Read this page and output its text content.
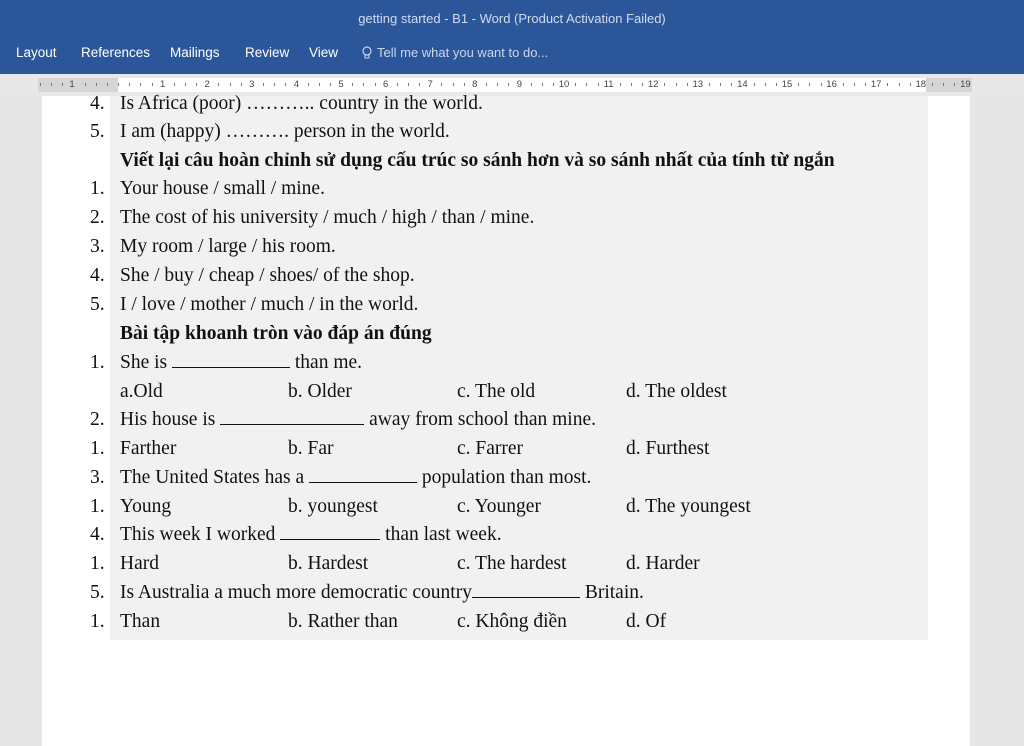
getting started - B1 - Word (Product Activation Failed)
Layout References Mailings Review View	Tell me what you want to do...
1	1	2	3	4	5	6	7	8	9	10	11	12	13	14	15	16	17	18	19
4. Is Africa (poor) ……….. country in the world.
5. I am (happy) ………. person in the world.
Viết lại câu hoàn chỉnh sử dụng cấu trúc so sánh hơn và so sánh nhất của tính từ ngắn
1. Your house / small / mine.
2. The cost of his university / much / high / than / mine.
3. My room / large / his room.
4. She / buy / cheap / shoes/ of the shop.
5. I / love / mother / much / in the world.
Bài tập khoanh tròn vào đáp án đúng
1. She is	than me.
a.Old	b. Older	c. The old	d. The oldest
2. His house is	away from school than mine.
1. Farther	b. Far	c. Farrer	d. Furthest
3. The United States has a	population than most.
1. Young	b. youngest	c. Younger	d. The youngest
4. This week I worked	than last week.
1. Hard	b. Hardest	c. The hardest	d. Harder
5. Is Australia a much more democratic country	Britain.
1. Than	b. Rather than	c. Không điền	d. Of
